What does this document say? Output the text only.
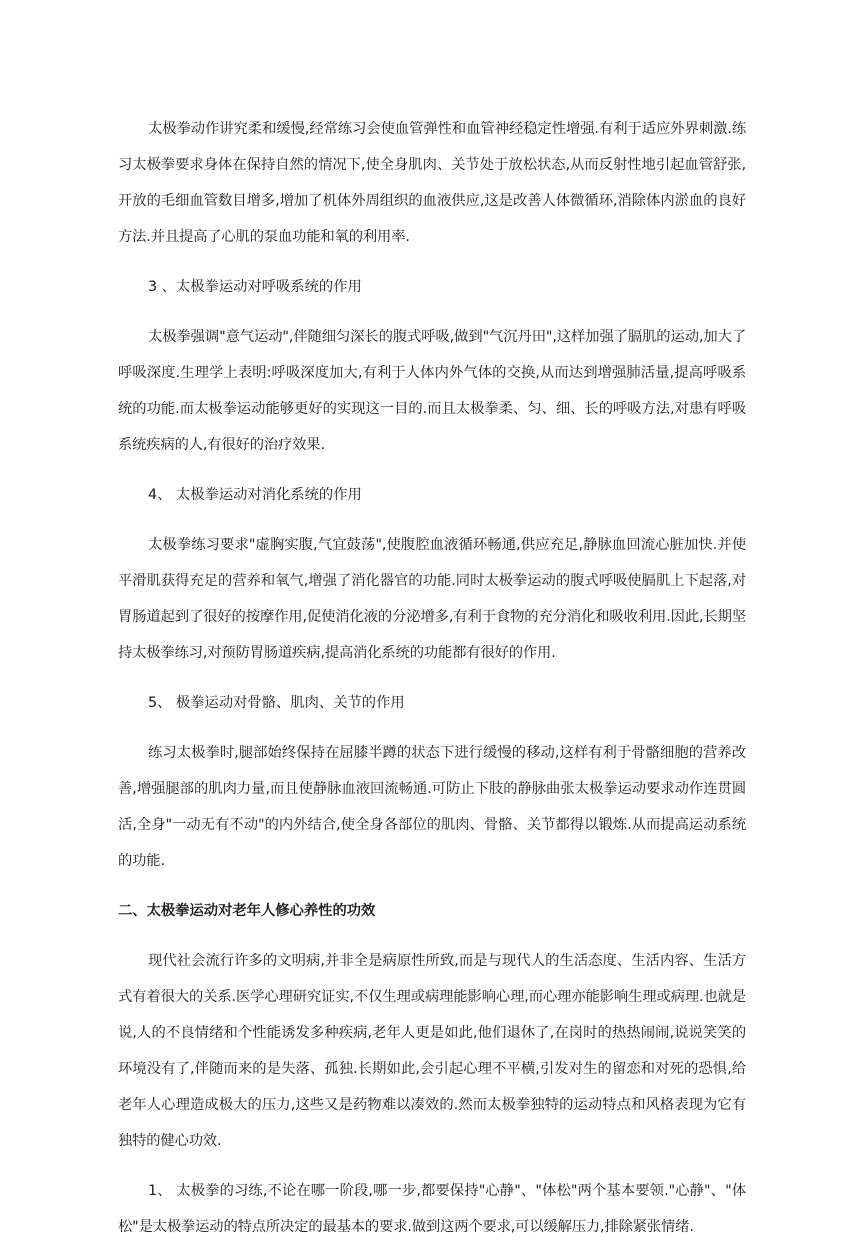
太极拳动作讲究柔和缓慢,经常练习会使血管弹性和血管神经稳定性增强.有利于适应外界刺激.练习太极拳要求身体在保持自然的情况下,使全身肌肉、关节处于放松状态,从而反射性地引起血管舒张,开放的毛细血管数目增多,增加了机体外周组织的血液供应,这是改善人体微循环,消除体内淤血的良好方法.并且提高了心肌的泵血功能和氧的利用率.

3 、太极拳运动对呼吸系统的作用

太极拳强调"意气运动",伴随细匀深长的腹式呼吸,做到"气沉丹田",这样加强了膈肌的运动,加大了呼吸深度.生理学上表明:呼吸深度加大,有利于人体内外气体的交换,从而达到增强肺活量,提高呼吸系统的功能.而太极拳运动能够更好的实现这一目的.而且太极拳柔、匀、细、长的呼吸方法,对患有呼吸系统疾病的人,有很好的治疗效果.

4、 太极拳运动对消化系统的作用

太极拳练习要求"虚胸实腹,气宜鼓荡",使腹腔血液循环畅通,供应充足,静脉血回流心脏加快.并使平滑肌获得充足的营养和氧气,增强了消化器官的功能.同时太极拳运动的腹式呼吸使膈肌上下起落,对胃肠道起到了很好的按摩作用,促使消化液的分泌增多,有利于食物的充分消化和吸收利用.因此,长期坚持太极拳练习,对预防胃肠道疾病,提高消化系统的功能都有很好的作用.

5、 极拳运动对骨骼、肌肉、关节的作用

练习太极拳时,腿部始终保持在屈膝半蹲的状态下进行缓慢的移动,这样有利于骨骼细胞的营养改善,增强腿部的肌肉力量,而且使静脉血液回流畅通.可防止下肢的静脉曲张太极拳运动要求动作连贯圆活,全身"一动无有不动"的内外结合,使全身各部位的肌肉、骨骼、关节都得以锻炼.从而提高运动系统的功能.

二、太极拳运动对老年人修心养性的功效

现代社会流行许多的文明病,并非全是病原性所致,而是与现代人的生活态度、生活内容、生活方式有着很大的关系.医学心理研究证实,不仅生理或病理能影响心理,而心理亦能影响生理或病理.也就是说,人的不良情绪和个性能诱发多种疾病,老年人更是如此,他们退休了,在岗时的热热闹闹,说说笑笑的环境没有了,伴随而来的是失落、孤独.长期如此,会引起心理不平横,引发对生的留恋和对死的恐惧,给老年人心理造成极大的压力,这些又是药物难以凑效的.然而太极拳独特的运动特点和风格表现为它有独特的健心功效.

1、 太极拳的习练,不论在哪一阶段,哪一步,都要保持"心静"、"体松"两个基本要领."心静"、"体松"是太极拳运动的特点所决定的最基本的要求.做到这两个要求,可以缓解压力,排除紧张情绪.
